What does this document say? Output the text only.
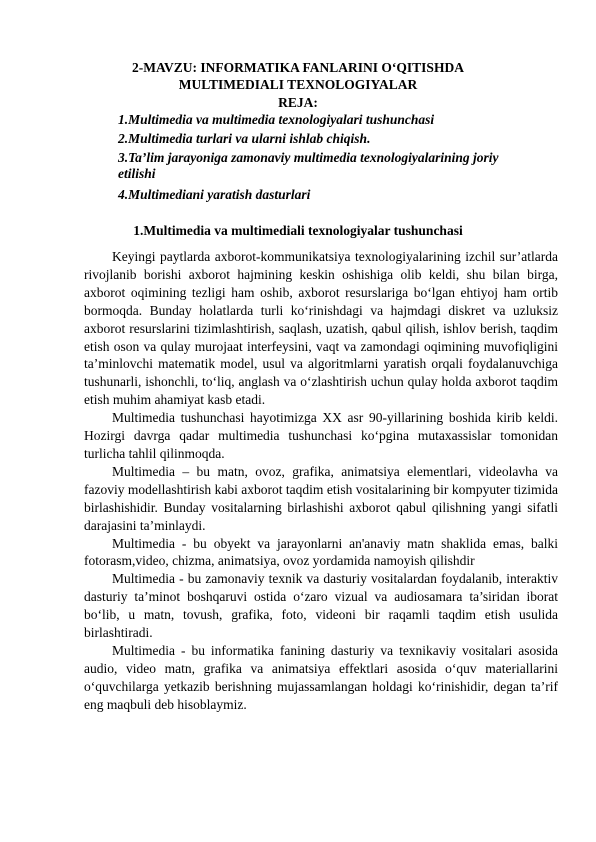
2-MAVZU: INFORMATIKA FANLARINI O‘QITISHDA
MULTIMEDIALI TEXNOLOGIYALAR
REJA:
1.Multimedia va multimedia texnologiyalari tushunchasi
2.Multimedia turlari va ularni ishlab chiqish.
3.Ta’lim jarayoniga zamonaviy multimedia texnologiyalarining joriy etilishi
4.Multimediani yaratish dasturlari
1.Multimedia va multimediali texnologiyalar tushunchasi

Keyingi paytlarda axborot-kommunikatsiya texnologiyalarining izchil sur’atlarda rivojlanib borishi axborot hajmining keskin oshishiga olib keldi, shu bilan birga, axborot oqimining tezligi ham oshib, axborot resurslariga bo‘lgan ehtiyoj ham ortib bormoqda. Bunday holatlarda turli ko‘rinishdagi va hajmdagi diskret va uzluksiz axborot resurslarini tizimlashtirish, saqlash, uzatish, qabul qilish, ishlov berish, taqdim etish oson va qulay murojaat interfeysini, vaqt va zamondagi oqimining muvofiqligini ta’minlovchi matematik model, usul va algoritmlarni yaratish orqali foydalanuvchiga tushunarli, ishonchli, to‘liq, anglash va o‘zlashtirish uchun qulay holda axborot taqdim etish muhim ahamiyat kasb etadi.

Multimedia tushunchasi hayotimizga XX asr 90-yillarining boshida kirib keldi. Hozirgi davrga qadar multimedia tushunchasi ko‘pgina mutaxassislar tomonidan turlicha tahlil qilinmoqda.

Multimedia – bu matn, ovoz, grafika, animatsiya elementlari, videolavha va fazoviy modellashtirish kabi axborot taqdim etish vositalarining bir kompyuter tizimida birlashishidir. Bunday vositalarning birlashishi axborot qabul qilishning yangi sifatli darajasini ta’minlaydi.

Multimedia - bu obyekt va jarayonlarni an'anaviy matn shaklida emas, balki fotorasm,video, chizma, animatsiya, ovoz yordamida namoyish qilishdir

Multimedia - bu zamonaviy texnik va dasturiy vositalardan foydalanib, interaktiv dasturiy ta’minot boshqaruvi ostida o‘zaro vizual va audiosamara ta’siridan iborat bo‘lib, u matn, tovush, grafika, foto, videoni bir raqamli taqdim etish usulida birlashtiradi.

Multimedia - bu informatika fanining dasturiy va texnikaviy vositalari asosida audio, video matn, grafika va animatsiya effektlari asosida o‘quv materiallarini o‘quvchilarga yetkazib berishning mujassamlangan holdagi ko‘rinishidir, degan ta’rif eng maqbuli deb hisoblaymiz.
